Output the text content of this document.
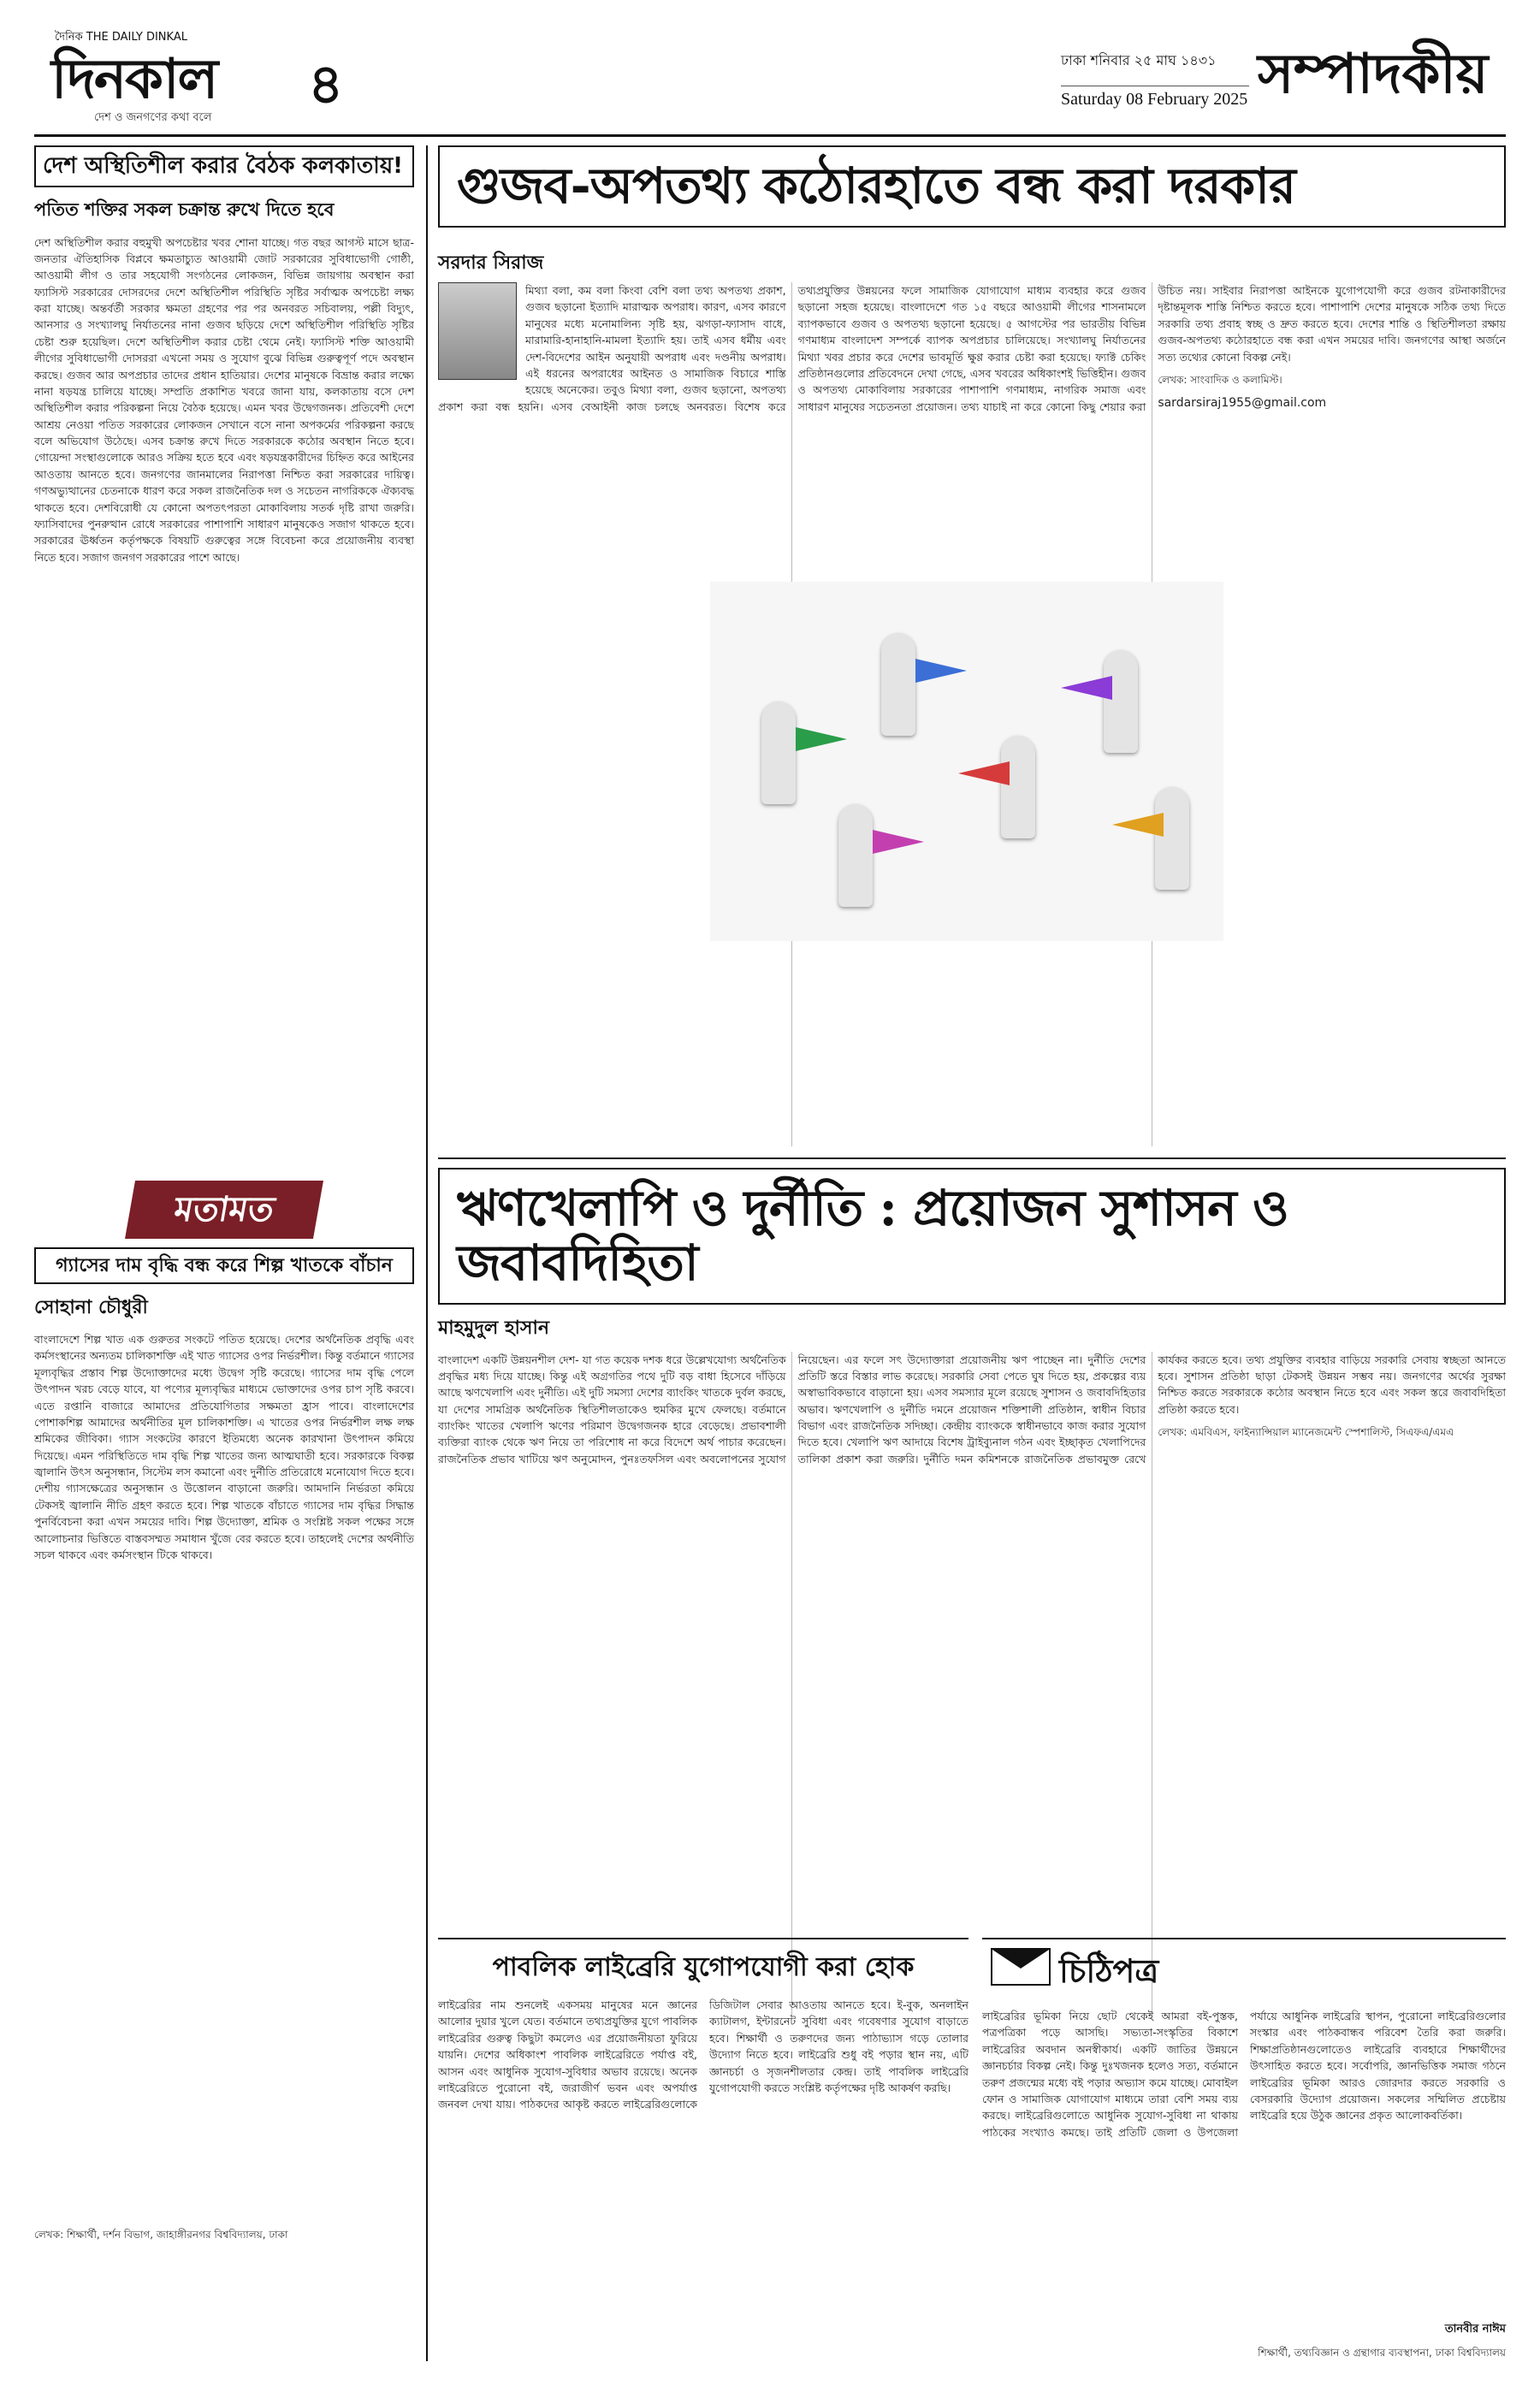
দৈনিক THE DAILY DINKAL
দিনকাল
দেশ ও জনগণের কথা বলে
৪	ঢাকা শনিবার ২৫ মাঘ ১৪৩১
Saturday 08 February 2025 সম্পাদকীয়
দেশ অস্থিতিশীল করার বৈঠক কলকাতায়!
পতিত শক্তির সকল চক্রান্ত রুখে দিতে হবে
দেশ অস্থিতিশীল করার বহুমুখী অপচেষ্টার খবর শোনা যাচ্ছে। গত বছর আগস্ট মাসে ছাত্র-জনতার ঐতিহাসিক বিপ্লবে ক্ষমতাচ্যুত আওয়ামী জোট সরকারের সুবিধাভোগী গোষ্ঠী, আওয়ামী লীগ ও তার সহযোগী সংগঠনের লোকজন, বিভিন্ন জায়গায় অবস্থান করা ফ্যাসিস্ট সরকারের দোসরদের দেশে অস্থিতিশীল পরিস্থিতি সৃষ্টির সর্বাত্মক অপচেষ্টা লক্ষ্য করা যাচ্ছে। অন্তর্বর্তী সরকার ক্ষমতা গ্রহণের পর পর অনবরত সচিবালয়, পল্লী বিদ্যুৎ, আনসার ও সংখ্যালঘু নির্যাতনের নানা গুজব ছড়িয়ে দেশে অস্থিতিশীল পরিস্থিতি সৃষ্টির চেষ্টা শুরু হয়েছিল। দেশে অস্থিতিশীল করার চেষ্টা থেমে নেই। ফ্যাসিস্ট শক্তি আওয়ামী লীগের সুবিধাভোগী দোসররা এখনো সময় ও সুযোগ বুঝে বিভিন্ন গুরুত্বপূর্ণ পদে অবস্থান করছে। গুজব আর অপপ্রচার তাদের প্রধান হাতিয়ার। দেশের মানুষকে বিভ্রান্ত করার লক্ষ্যে নানা ষড়যন্ত্র চালিয়ে যাচ্ছে। সম্প্রতি প্রকাশিত খবরে জানা যায়, কলকাতায় বসে দেশ অস্থিতিশীল করার পরিকল্পনা নিয়ে বৈঠক হয়েছে। এমন খবর উদ্বেগজনক। প্রতিবেশী দেশে আশ্রয় নেওয়া পতিত সরকারের লোকজন সেখানে বসে নানা অপকর্মের পরিকল্পনা করছে বলে অভিযোগ উঠেছে। এসব চক্রান্ত রুখে দিতে সরকারকে কঠোর অবস্থান নিতে হবে। গোয়েন্দা সংস্থাগুলোকে আরও সক্রিয় হতে হবে এবং ষড়যন্ত্রকারীদের চিহ্নিত করে আইনের আওতায় আনতে হবে। জনগণের জানমালের নিরাপত্তা নিশ্চিত করা সরকারের দায়িত্ব। গণঅভ্যুত্থানের চেতনাকে ধারণ করে সকল রাজনৈতিক দল ও সচেতন নাগরিককে ঐক্যবদ্ধ থাকতে হবে। দেশবিরোধী যে কোনো অপতৎপরতা মোকাবিলায় সতর্ক দৃষ্টি রাখা জরুরি। ফ্যাসিবাদের পুনরুত্থান রোধে সরকারের পাশাপাশি সাধারণ মানুষকেও সজাগ থাকতে হবে। সরকারের ঊর্ধ্বতন কর্তৃপক্ষকে বিষয়টি গুরুত্বের সঙ্গে বিবেচনা করে প্রয়োজনীয় ব্যবস্থা নিতে হবে। সজাগ জনগণ সরকারের পাশে আছে।
মতামত
গ্যাসের দাম বৃদ্ধি বন্ধ করে শিল্প খাতকে বাঁচান
সোহানা চৌধুরী
বাংলাদেশে শিল্প খাত এক গুরুতর সংকটে পতিত হয়েছে। দেশের অর্থনৈতিক প্রবৃদ্ধি এবং কর্মসংস্থানের অন্যতম চালিকাশক্তি এই খাত গ্যাসের ওপর নির্ভরশীল। কিন্তু বর্তমানে গ্যাসের মূল্যবৃদ্ধির প্রস্তাব শিল্প উদ্যোক্তাদের মধ্যে উদ্বেগ সৃষ্টি করেছে। গ্যাসের দাম বৃদ্ধি পেলে উৎপাদন খরচ বেড়ে যাবে, যা পণ্যের মূল্যবৃদ্ধির মাধ্যমে ভোক্তাদের ওপর চাপ সৃষ্টি করবে। এতে রপ্তানি বাজারে আমাদের প্রতিযোগিতার সক্ষমতা হ্রাস পাবে। বাংলাদেশের পোশাকশিল্প আমাদের অর্থনীতির মূল চালিকাশক্তি। এ খাতের ওপর নির্ভরশীল লক্ষ লক্ষ শ্রমিকের জীবিকা। গ্যাস সংকটের কারণে ইতিমধ্যে অনেক কারখানা উৎপাদন কমিয়ে দিয়েছে। এমন পরিস্থিতিতে দাম বৃদ্ধি শিল্প খাতের জন্য আত্মঘাতী হবে। সরকারকে বিকল্প জ্বালানি উৎস অনুসন্ধান, সিস্টেম লস কমানো এবং দুর্নীতি প্রতিরোধে মনোযোগ দিতে হবে। দেশীয় গ্যাসক্ষেত্রের অনুসন্ধান ও উত্তোলন বাড়ানো জরুরি। আমদানি নির্ভরতা কমিয়ে টেকসই জ্বালানি নীতি গ্রহণ করতে হবে। শিল্প খাতকে বাঁচাতে গ্যাসের দাম বৃদ্ধির সিদ্ধান্ত পুনর্বিবেচনা করা এখন সময়ের দাবি। শিল্প উদ্যোক্তা, শ্রমিক ও সংশ্লিষ্ট সকল পক্ষের সঙ্গে আলোচনার ভিত্তিতে বাস্তবসম্মত সমাধান খুঁজে বের করতে হবে। তাহলেই দেশের অর্থনীতি সচল থাকবে এবং কর্মসংস্থান টিকে থাকবে।
লেখক: শিক্ষার্থী, দর্শন বিভাগ, জাহাঙ্গীরনগর বিশ্ববিদ্যালয়, ঢাকা
গুজব-অপতথ্য কঠোরহাতে বন্ধ করা দরকার
সরদার সিরাজ
মিথ্যা বলা, কম বলা কিংবা বেশি বলা তথ্য অপতথ্য প্রকাশ, গুজব ছড়ানো ইত্যাদি মারাত্মক অপরাধ। কারণ, এসব কারণে মানুষের মধ্যে মনোমালিন্য সৃষ্টি হয়, ঝগড়া-ফ্যাসাদ বাধে, মারামারি-হানাহানি-মামলা ইত্যাদি হয়। তাই এসব ধর্মীয় এবং দেশ-বিদেশের আইন অনুযায়ী অপরাধ এবং দণ্ডনীয় অপরাধ। এই ধরনের অপরাধের আইনত ও সামাজিক বিচারে শাস্তি হয়েছে অনেকের। তবুও মিথ্যা বলা, গুজব ছড়ানো, অপতথ্য প্রকাশ করা বন্ধ হয়নি। এসব বেআইনী কাজ চলছে অনবরত। বিশেষ করে তথ্যপ্রযুক্তির উন্নয়নের ফলে সামাজিক যোগাযোগ মাধ্যম ব্যবহার করে গুজব ছড়ানো সহজ হয়েছে। বাংলাদেশে গত ১৫ বছরে আওয়ামী লীগের শাসনামলে ব্যাপকভাবে গুজব ও অপতথ্য ছড়ানো হয়েছে। ৫ আগস্টের পর ভারতীয় বিভিন্ন গণমাধ্যম বাংলাদেশ সম্পর্কে ব্যাপক অপপ্রচার চালিয়েছে। সংখ্যালঘু নির্যাতনের মিথ্যা খবর প্রচার করে দেশের ভাবমূর্তি ক্ষুণ্ণ করার চেষ্টা করা হয়েছে। ফ্যাক্ট চেকিং প্রতিষ্ঠানগুলোর প্রতিবেদনে দেখা গেছে, এসব খবরের অধিকাংশই ভিত্তিহীন। গুজব ও অপতথ্য মোকাবিলায় সরকারের পাশাপাশি গণমাধ্যম, নাগরিক সমাজ এবং সাধারণ মানুষের সচেতনতা প্রয়োজন। তথ্য যাচাই না করে কোনো কিছু শেয়ার করা উচিত নয়। সাইবার নিরাপত্তা আইনকে যুগোপযোগী করে গুজব রটনাকারীদের দৃষ্টান্তমূলক শাস্তি নিশ্চিত করতে হবে। পাশাপাশি দেশের মানুষকে সঠিক তথ্য দিতে সরকারি তথ্য প্রবাহ স্বচ্ছ ও দ্রুত করতে হবে। দেশের শান্তি ও স্থিতিশীলতা রক্ষায় গুজব-অপতথ্য কঠোরহাতে বন্ধ করা এখন সময়ের দাবি। জনগণের আস্থা অর্জনে সত্য তথ্যের কোনো বিকল্প নেই।
লেখক: সাংবাদিক ও কলামিস্ট।
sardarsiraj1955@gmail.com
ঋণখেলাপি ও দুর্নীতি : প্রয়োজন সুশাসন ও জবাবদিহিতা
মাহমুদুল হাসান
বাংলাদেশ একটি উন্নয়নশীল দেশ- যা গত কয়েক দশক ধরে উল্লেখযোগ্য অর্থনৈতিক প্রবৃদ্ধির মধ্য দিয়ে যাচ্ছে। কিন্তু এই অগ্রগতির পথে দুটি বড় বাধা হিসেবে দাঁড়িয়ে আছে ঋণখেলাপি এবং দুর্নীতি। এই দুটি সমস্যা দেশের ব্যাংকিং খাতকে দুর্বল করছে, যা দেশের সামগ্রিক অর্থনৈতিক স্থিতিশীলতাকেও হুমকির মুখে ফেলছে। বর্তমানে ব্যাংকিং খাতের খেলাপি ঋণের পরিমাণ উদ্বেগজনক হারে বেড়েছে। প্রভাবশালী ব্যক্তিরা ব্যাংক থেকে ঋণ নিয়ে তা পরিশোধ না করে বিদেশে অর্থ পাচার করেছেন। রাজনৈতিক প্রভাব খাটিয়ে ঋণ অনুমোদন, পুনঃতফসিল এবং অবলোপনের সুযোগ নিয়েছেন। এর ফলে সৎ উদ্যোক্তারা প্রয়োজনীয় ঋণ পাচ্ছেন না। দুর্নীতি দেশের প্রতিটি স্তরে বিস্তার লাভ করেছে। সরকারি সেবা পেতে ঘুষ দিতে হয়, প্রকল্পের ব্যয় অস্বাভাবিকভাবে বাড়ানো হয়। এসব সমস্যার মূলে রয়েছে সুশাসন ও জবাবদিহিতার অভাব। ঋণখেলাপি ও দুর্নীতি দমনে প্রয়োজন শক্তিশালী প্রতিষ্ঠান, স্বাধীন বিচার বিভাগ এবং রাজনৈতিক সদিচ্ছা। কেন্দ্রীয় ব্যাংককে স্বাধীনভাবে কাজ করার সুযোগ দিতে হবে। খেলাপি ঋণ আদায়ে বিশেষ ট্রাইব্যুনাল গঠন এবং ইচ্ছাকৃত খেলাপিদের তালিকা প্রকাশ করা জরুরি। দুর্নীতি দমন কমিশনকে রাজনৈতিক প্রভাবমুক্ত রেখে কার্যকর করতে হবে। তথ্য প্রযুক্তির ব্যবহার বাড়িয়ে সরকারি সেবায় স্বচ্ছতা আনতে হবে। সুশাসন প্রতিষ্ঠা ছাড়া টেকসই উন্নয়ন সম্ভব নয়। জনগণের অর্থের সুরক্ষা নিশ্চিত করতে সরকারকে কঠোর অবস্থান নিতে হবে এবং সকল স্তরে জবাবদিহিতা প্রতিষ্ঠা করতে হবে।
লেখক: এমবিএস, ফাইন্যান্সিয়াল ম্যানেজমেন্ট স্পেশালিস্ট, সিএফএ/এমএ
পাবলিক লাইব্রেরি যুগোপযোগী করা হোক
লাইব্রেরির নাম শুনলেই একসময় মানুষের মনে জ্ঞানের আলোর দুয়ার খুলে যেত। বর্তমানে তথ্যপ্রযুক্তির যুগে পাবলিক লাইব্রেরির গুরুত্ব কিছুটা কমলেও এর প্রয়োজনীয়তা ফুরিয়ে যায়নি। দেশের অধিকাংশ পাবলিক লাইব্রেরিতে পর্যাপ্ত বই, আসন এবং আধুনিক সুযোগ-সুবিধার অভাব রয়েছে। অনেক লাইব্রেরিতে পুরোনো বই, জরাজীর্ণ ভবন এবং অপর্যাপ্ত জনবল দেখা যায়। পাঠকদের আকৃষ্ট করতে লাইব্রেরিগুলোকে ডিজিটাল সেবার আওতায় আনতে হবে। ই-বুক, অনলাইন ক্যাটালগ, ইন্টারনেট সুবিধা এবং গবেষণার সুযোগ বাড়াতে হবে। শিক্ষার্থী ও তরুণদের জন্য পাঠাভ্যাস গড়ে তোলার উদ্যোগ নিতে হবে। লাইব্রেরি শুধু বই পড়ার স্থান নয়, এটি জ্ঞানচর্চা ও সৃজনশীলতার কেন্দ্র। তাই পাবলিক লাইব্রেরি যুগোপযোগী করতে সংশ্লিষ্ট কর্তৃপক্ষের দৃষ্টি আকর্ষণ করছি।
চিঠিপত্র
লাইব্রেরির ভূমিকা নিয়ে ছোট থেকেই আমরা বই-পুস্তক, পত্রপত্রিকা পড়ে আসছি। সভ্যতা-সংস্কৃতির বিকাশে লাইব্রেরির অবদান অনস্বীকার্য। একটি জাতির উন্নয়নে জ্ঞানচর্চার বিকল্প নেই। কিন্তু দুঃখজনক হলেও সত্য, বর্তমানে তরুণ প্রজন্মের মধ্যে বই পড়ার অভ্যাস কমে যাচ্ছে। মোবাইল ফোন ও সামাজিক যোগাযোগ মাধ্যমে তারা বেশি সময় ব্যয় করছে। লাইব্রেরিগুলোতে আধুনিক সুযোগ-সুবিধা না থাকায় পাঠকের সংখ্যাও কমছে। তাই প্রতিটি জেলা ও উপজেলা পর্যায়ে আধুনিক লাইব্রেরি স্থাপন, পুরোনো লাইব্রেরিগুলোর সংস্কার এবং পাঠকবান্ধব পরিবেশ তৈরি করা জরুরি। শিক্ষাপ্রতিষ্ঠানগুলোতেও লাইব্রেরি ব্যবহারে শিক্ষার্থীদের উৎসাহিত করতে হবে। সর্বোপরি, জ্ঞানভিত্তিক সমাজ গঠনে লাইব্রেরির ভূমিকা আরও জোরদার করতে সরকারি ও বেসরকারি উদ্যোগ প্রয়োজন। সকলের সম্মিলিত প্রচেষ্টায় লাইব্রেরি হয়ে উঠুক জ্ঞানের প্রকৃত আলোকবর্তিকা।
তানবীর নাঈম
শিক্ষার্থী, তথ্যবিজ্ঞান ও গ্রন্থাগার ব্যবস্থাপনা, ঢাকা বিশ্ববিদ্যালয়
